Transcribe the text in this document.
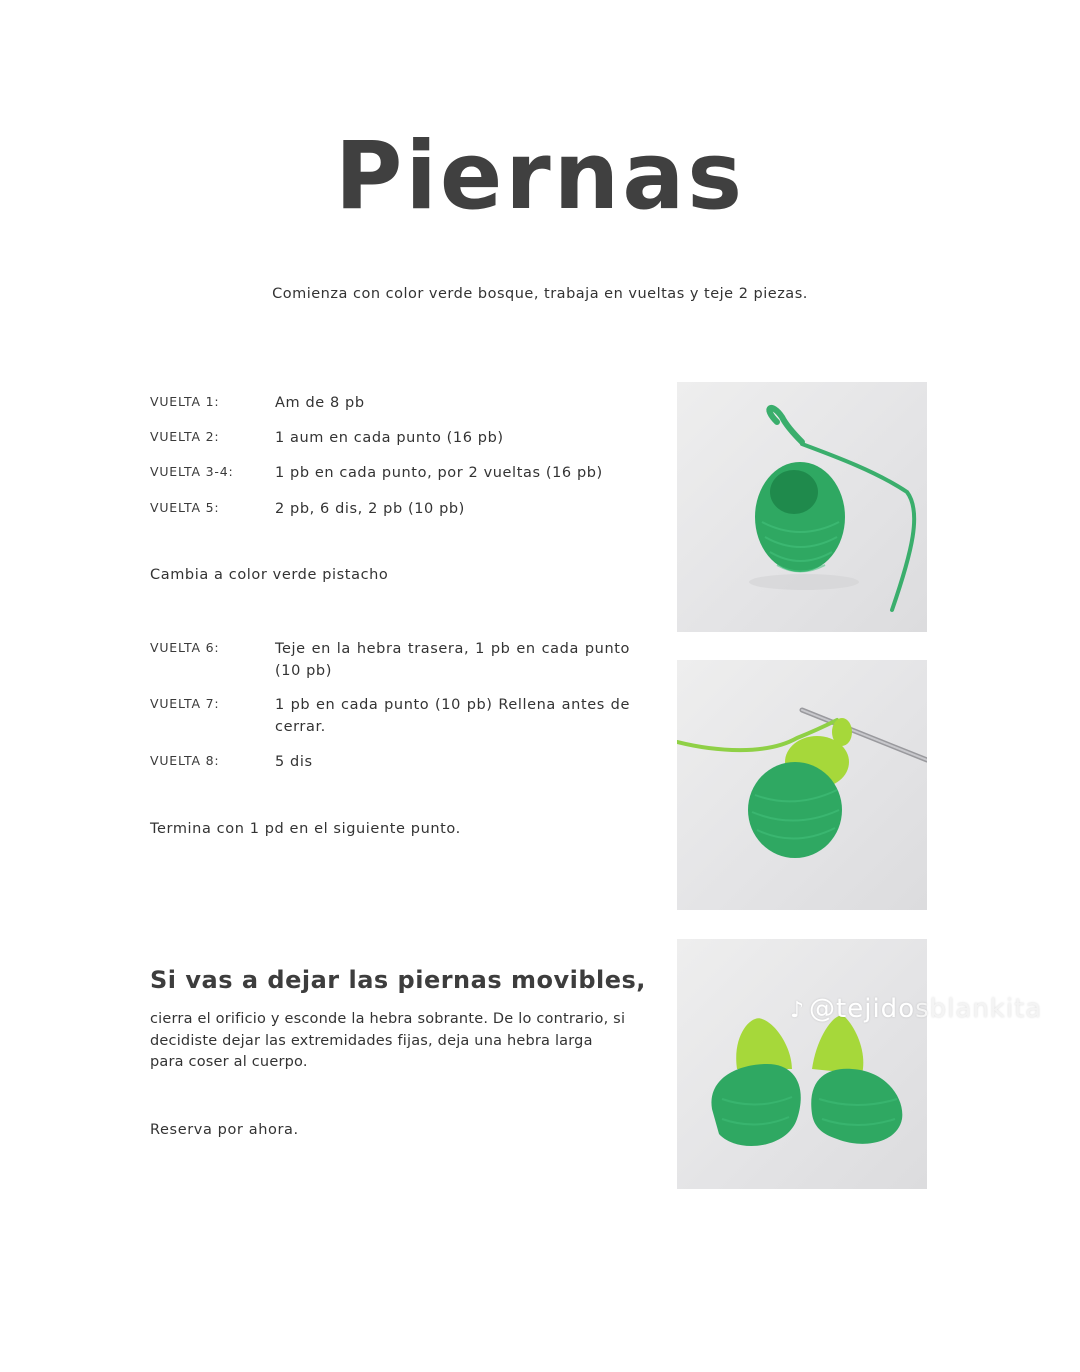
Piernas

Comienza con color verde bosque, trabaja en vueltas y teje 2 piezas.

VUELTA 1:	Am de 8 pb
VUELTA 2:	1 aum en cada punto (16 pb)
VUELTA 3-4:	1 pb en cada punto, por 2 vueltas (16 pb)
VUELTA 5:	2 pb, 6 dis, 2 pb (10 pb)

Cambia a color verde pistacho

VUELTA 6:	Teje en la hebra trasera, 1 pb en cada punto (10 pb)
VUELTA 7:	1 pb en cada punto (10 pb) Rellena antes de cerrar.
VUELTA 8:	5 dis

Termina con 1 pd en el siguiente punto.

Si vas a dejar las piernas movibles,

cierra el orificio y esconde la hebra sobrante. De lo contrario, si decidiste dejar las extremidades fijas, deja una hebra larga para coser al cuerpo.

Reserva por ahora.

♪ @tejidosblankita
